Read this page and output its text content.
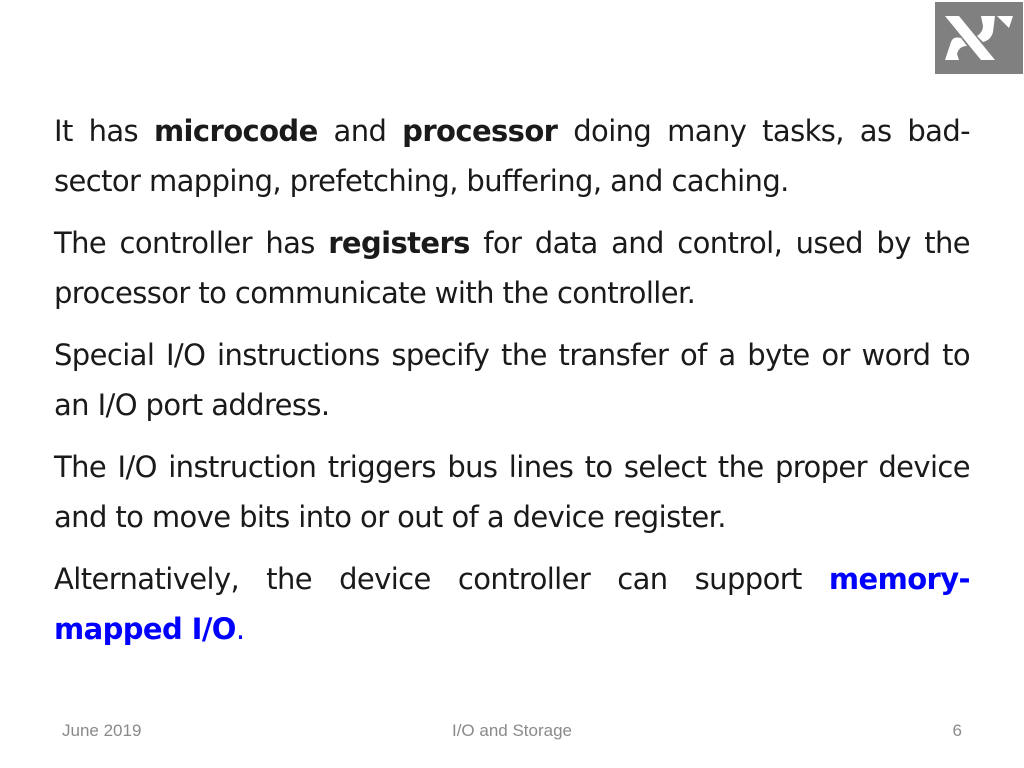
It has microcode and processor doing many tasks, as bad-sector mapping, prefetching, buffering, and caching.

The controller has registers for data and control, used by the processor to communicate with the controller.

Special I/O instructions specify the transfer of a byte or word to an I/O port address.

The I/O instruction triggers bus lines to select the proper device and to move bits into or out of a device register.

Alternatively, the device controller can support memory-mapped I/O.

June 2019	I/O and Storage	6
